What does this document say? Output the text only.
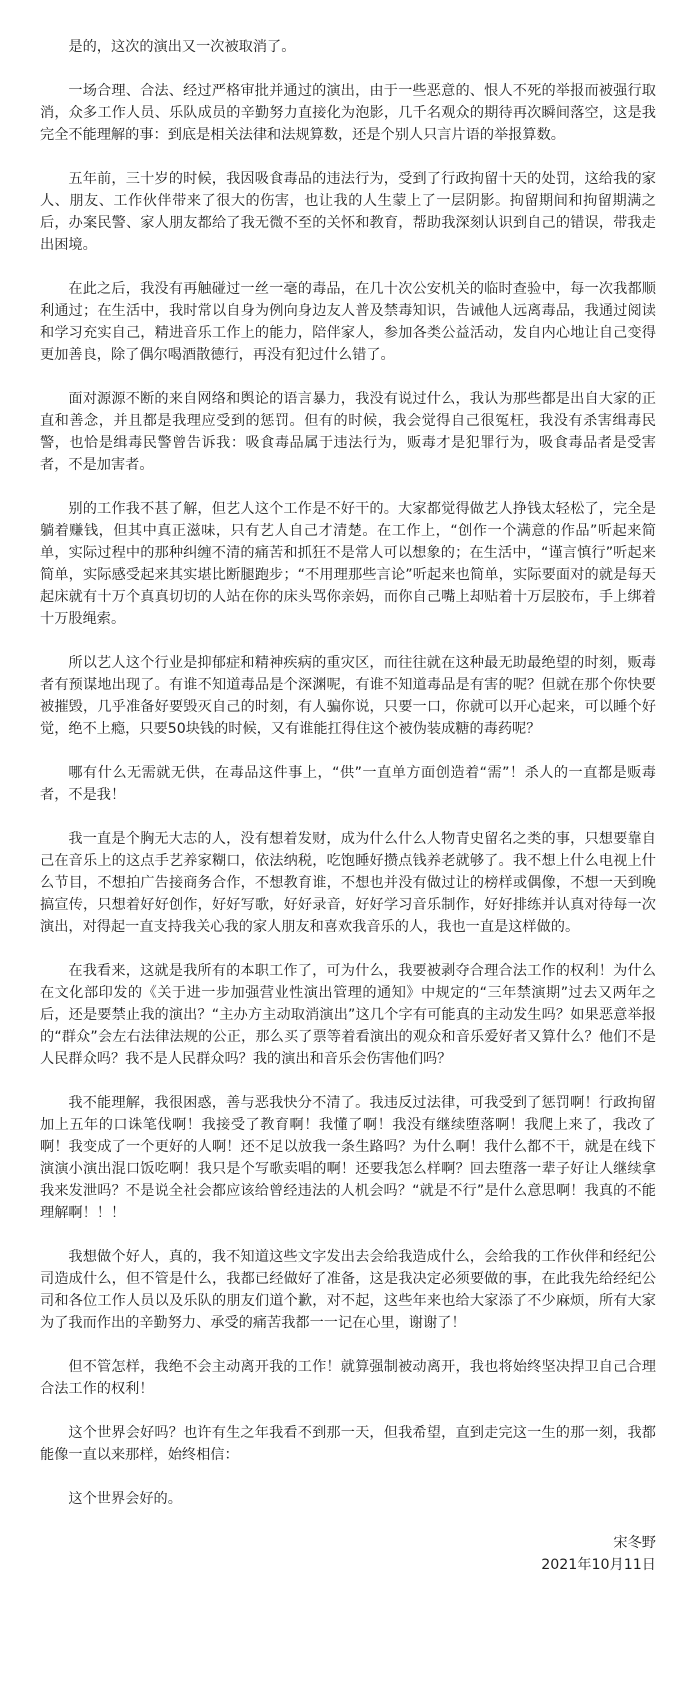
是的，这次的演出又一次被取消了。

一场合理、合法、经过严格审批并通过的演出，由于一些恶意的、恨人不死的举报而被强行取消，众多工作人员、乐队成员的辛勤努力直接化为泡影，几千名观众的期待再次瞬间落空，这是我完全不能理解的事：到底是相关法律和法规算数，还是个别人只言片语的举报算数。

五年前，三十岁的时候，我因吸食毒品的违法行为，受到了行政拘留十天的处罚，这给我的家人、朋友、工作伙伴带来了很大的伤害，也让我的人生蒙上了一层阴影。拘留期间和拘留期满之后，办案民警、家人朋友都给了我无微不至的关怀和教育，帮助我深刻认识到自己的错误，带我走出困境。

在此之后，我没有再触碰过一丝一毫的毒品，在几十次公安机关的临时查验中，每一次我都顺利通过；在生活中，我时常以自身为例向身边友人普及禁毒知识，告诫他人远离毒品，我通过阅读和学习充实自己，精进音乐工作上的能力，陪伴家人，参加各类公益活动，发自内心地让自己变得更加善良，除了偶尔喝酒散德行，再没有犯过什么错了。

面对源源不断的来自网络和舆论的语言暴力，我没有说过什么，我认为那些都是出自大家的正直和善念，并且都是我理应受到的惩罚。但有的时候，我会觉得自己很冤枉，我没有杀害缉毒民警，也恰是缉毒民警曾告诉我：吸食毒品属于违法行为，贩毒才是犯罪行为，吸食毒品者是受害者，不是加害者。

别的工作我不甚了解，但艺人这个工作是不好干的。大家都觉得做艺人挣钱太轻松了，完全是躺着赚钱，但其中真正滋味，只有艺人自己才清楚。在工作上，“创作一个满意的作品”听起来简单，实际过程中的那种纠缠不清的痛苦和抓狂不是常人可以想象的；在生活中，“谨言慎行”听起来简单，实际感受起来其实堪比断腿跑步；“不用理那些言论”听起来也简单，实际要面对的就是每天起床就有十万个真真切切的人站在你的床头骂你亲妈，而你自己嘴上却贴着十万层胶布，手上绑着十万股绳索。

所以艺人这个行业是抑郁症和精神疾病的重灾区，而往往就在这种最无助最绝望的时刻，贩毒者有预谋地出现了。有谁不知道毒品是个深渊呢，有谁不知道毒品是有害的呢？但就在那个你快要被摧毁，几乎准备好要毁灭自己的时刻，有人骗你说，只要一口，你就可以开心起来，可以睡个好觉，绝不上瘾，只要50块钱的时候，又有谁能扛得住这个被伪装成糖的毒药呢？

哪有什么无需就无供，在毒品这件事上，“供”一直单方面创造着“需”！杀人的一直都是贩毒者，不是我！

我一直是个胸无大志的人，没有想着发财，成为什么什么人物青史留名之类的事，只想要靠自己在音乐上的这点手艺养家糊口，依法纳税，吃饱睡好攒点钱养老就够了。我不想上什么电视上什么节目，不想拍广告接商务合作，不想教育谁，不想也并没有做过让的榜样或偶像，不想一天到晚搞宣传，只想着好好创作，好好写歌，好好录音，好好学习音乐制作，好好排练并认真对待每一次演出，对得起一直支持我关心我的家人朋友和喜欢我音乐的人，我也一直是这样做的。

在我看来，这就是我所有的本职工作了，可为什么，我要被剥夺合理合法工作的权利！为什么在文化部印发的《关于进一步加强营业性演出管理的通知》中规定的“三年禁演期”过去又两年之后，还是要禁止我的演出？“主办方主动取消演出”这几个字有可能真的主动发生吗？如果恶意举报的“群众”会左右法律法规的公正，那么买了票等着看演出的观众和音乐爱好者又算什么？他们不是人民群众吗？我不是人民群众吗？我的演出和音乐会伤害他们吗？

我不能理解，我很困惑，善与恶我快分不清了。我违反过法律，可我受到了惩罚啊！行政拘留加上五年的口诛笔伐啊！我接受了教育啊！我懂了啊！我没有继续堕落啊！我爬上来了，我改了啊！我变成了一个更好的人啊！还不足以放我一条生路吗？为什么啊！我什么都不干，就是在线下演演小演出混口饭吃啊！我只是个写歌卖唱的啊！还要我怎么样啊？回去堕落一辈子好让人继续拿我来发泄吗？不是说全社会都应该给曾经违法的人机会吗？“就是不行”是什么意思啊！我真的不能理解啊！！！

我想做个好人，真的，我不知道这些文字发出去会给我造成什么，会给我的工作伙伴和经纪公司造成什么，但不管是什么，我都已经做好了准备，这是我决定必须要做的事，在此我先给经纪公司和各位工作人员以及乐队的朋友们道个歉，对不起，这些年来也给大家添了不少麻烦，所有大家为了我而作出的辛勤努力、承受的痛苦我都一一记在心里，谢谢了！

但不管怎样，我绝不会主动离开我的工作！就算强制被动离开，我也将始终坚决捍卫自己合理合法工作的权利！

这个世界会好吗？也许有生之年我看不到那一天，但我希望，直到走完这一生的那一刻，我都能像一直以来那样，始终相信：

这个世界会好的。

宋冬野
2021年10月11日
